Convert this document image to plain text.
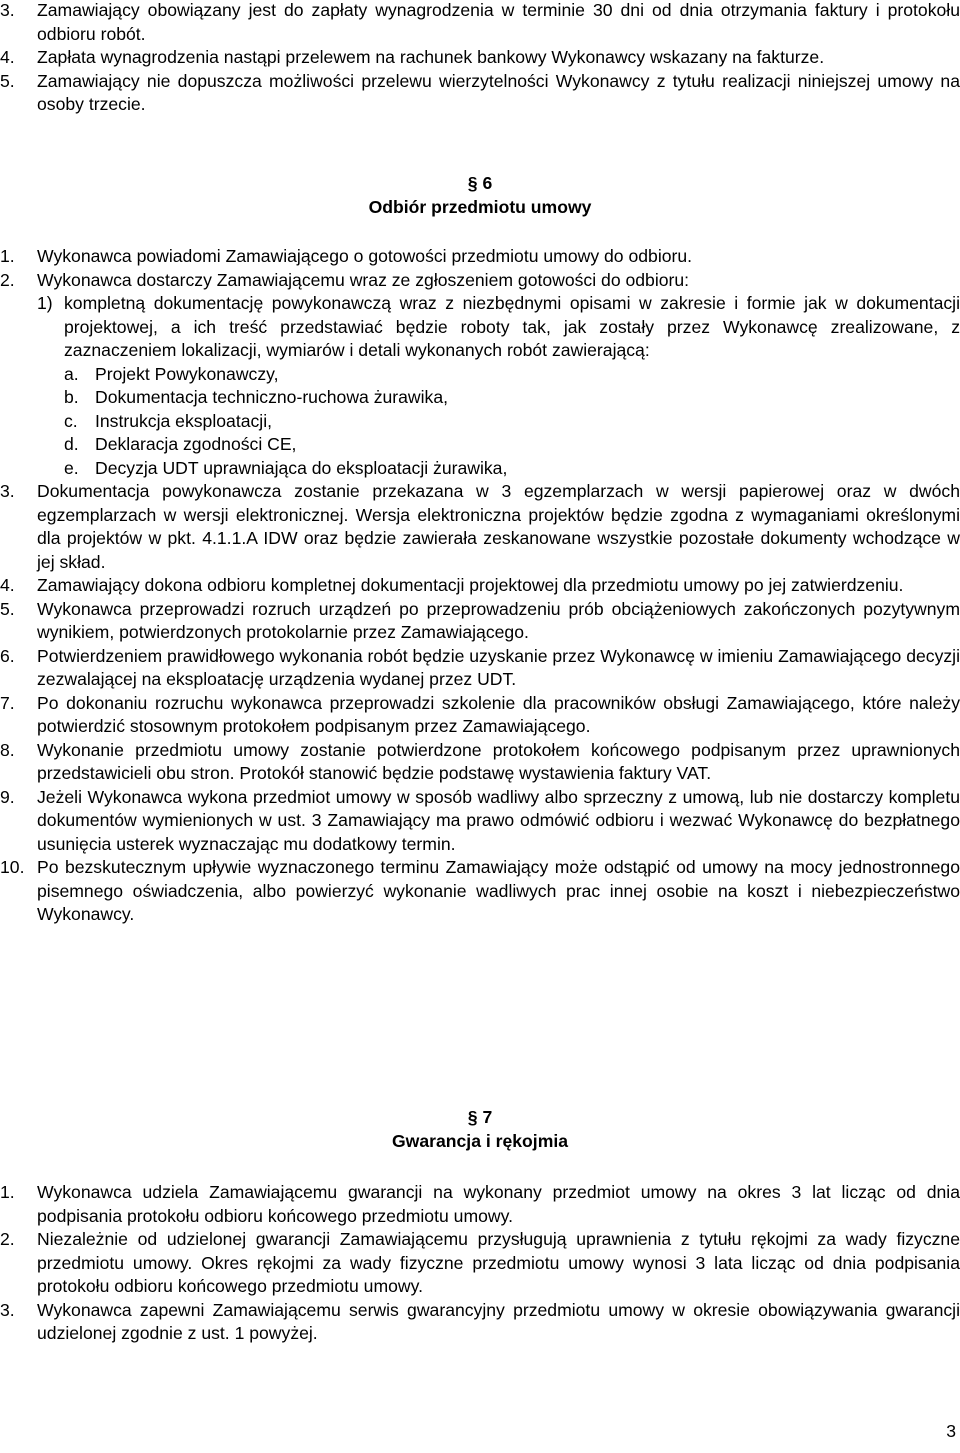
3. Zamawiający obowiązany jest do zapłaty wynagrodzenia w terminie 30 dni od dnia otrzymania faktury i protokołu odbioru robót.
4. Zapłata wynagrodzenia nastąpi przelewem na rachunek bankowy Wykonawcy wskazany na fakturze.
5. Zamawiający nie dopuszcza możliwości przelewu wierzytelności Wykonawcy z tytułu realizacji niniejszej umowy na osoby trzecie.
§ 6
Odbiór przedmiotu umowy
1. Wykonawca powiadomi Zamawiającego o gotowości przedmiotu umowy do odbioru.
2. Wykonawca dostarczy Zamawiającemu wraz ze zgłoszeniem gotowości do odbioru:
1) kompletną dokumentację powykonawczą wraz z niezbędnymi opisami w zakresie i formie jak w dokumentacji projektowej, a ich treść przedstawiać będzie roboty tak, jak zostały przez Wykonawcę zrealizowane, z zaznaczeniem lokalizacji, wymiarów i detali wykonanych robót zawierającą:
a. Projekt Powykonawczy,
b. Dokumentacja techniczno-ruchowa żurawika,
c. Instrukcja eksploatacji,
d. Deklaracja zgodności CE,
e. Decyzja UDT uprawniająca do eksploatacji żurawika,
3. Dokumentacja powykonawcza zostanie przekazana w 3 egzemplarzach w wersji papierowej oraz w dwóch egzemplarzach w wersji elektronicznej. Wersja elektroniczna projektów będzie zgodna z wymaganiami określonymi dla projektów w pkt. 4.1.1.A IDW oraz będzie zawierała zeskanowane wszystkie pozostałe dokumenty wchodzące w jej skład.
4. Zamawiający dokona odbioru kompletnej dokumentacji projektowej dla przedmiotu umowy po jej zatwierdzeniu.
5. Wykonawca przeprowadzi rozruch urządzeń po przeprowadzeniu prób obciążeniowych zakończonych pozytywnym wynikiem, potwierdzonych protokolarnie przez Zamawiającego.
6. Potwierdzeniem prawidłowego wykonania robót będzie uzyskanie przez Wykonawcę w imieniu Zamawiającego decyzji zezwalającej na eksploatację urządzenia wydanej przez UDT.
7. Po dokonaniu rozruchu wykonawca przeprowadzi szkolenie dla pracowników obsługi Zamawiającego, które należy potwierdzić stosownym protokołem podpisanym przez Zamawiającego.
8. Wykonanie przedmiotu umowy zostanie potwierdzone protokołem końcowego podpisanym przez uprawnionych przedstawicieli obu stron. Protokół stanowić będzie podstawę wystawienia faktury VAT.
9. Jeżeli Wykonawca wykona przedmiot umowy w sposób wadliwy albo sprzeczny z umową, lub nie dostarczy kompletu dokumentów wymienionych w ust. 3 Zamawiający ma prawo odmówić odbioru i wezwać Wykonawcę do bezpłatnego usunięcia usterek wyznaczając mu dodatkowy termin.
10. Po bezskutecznym upływie wyznaczonego terminu Zamawiający może odstąpić od umowy na mocy jednostronnego pisemnego oświadczenia, albo powierzyć wykonanie wadliwych prac innej osobie na koszt i niebezpieczeństwo Wykonawcy.
§ 7
Gwarancja i rękojmia
1. Wykonawca udziela Zamawiającemu gwarancji na wykonany przedmiot umowy na okres 3 lat licząc od dnia podpisania protokołu odbioru końcowego przedmiotu umowy.
2. Niezależnie od udzielonej gwarancji Zamawiającemu przysługują uprawnienia z tytułu rękojmi za wady fizyczne przedmiotu umowy. Okres rękojmi za wady fizyczne przedmiotu umowy wynosi 3 lata licząc od dnia podpisania protokołu odbioru końcowego przedmiotu umowy.
3. Wykonawca zapewni Zamawiającemu serwis gwarancyjny przedmiotu umowy w okresie obowiązywania gwarancji udzielonej zgodnie z ust. 1 powyżej.
3
